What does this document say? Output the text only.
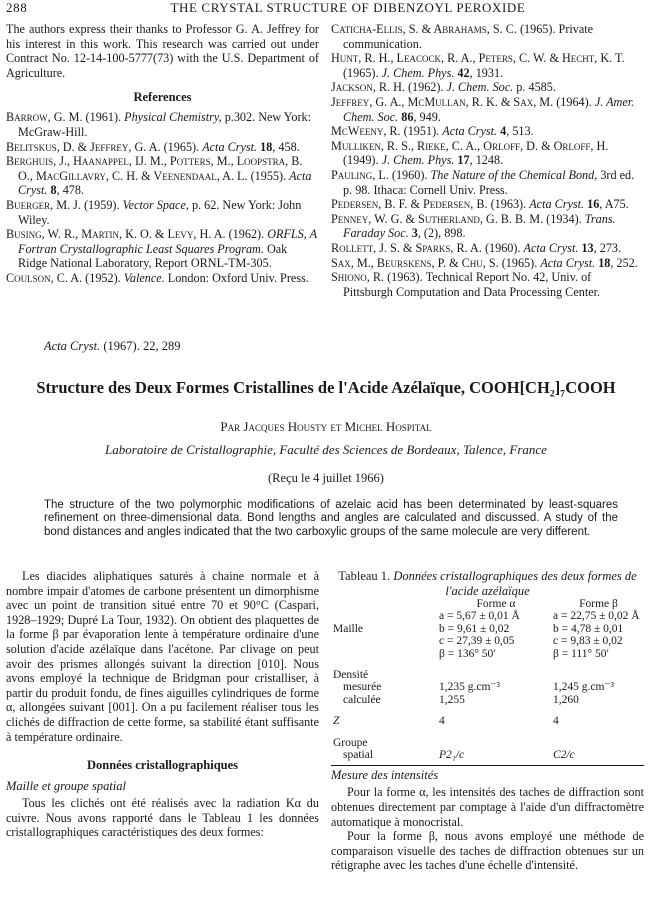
288	THE CRYSTAL STRUCTURE OF DIBENZOYL PEROXIDE

The authors express their thanks to Professor G. A. Jeffrey for his interest in this work. This research was carried out under Contract No. 12-14-100-5777(73) with the U.S. Department of Agriculture.

References

Barrow, G. M. (1961). Physical Chemistry, p.302. New York: McGraw-Hill.

Belitskus, D. & Jeffrey, G. A. (1965). Acta Cryst. 18, 458.

Berghuis, J., Haanappel, IJ. M., Potters, M., Loopstra, B. O., MacGillavry, C. H. & Veenendaal, A. L. (1955). Acta Cryst. 8, 478.

Buerger, M. J. (1959). Vector Space, p. 62. New York: John Wiley.

Busing, W. R., Martin, K. O. & Levy, H. A. (1962). ORFLS, A Fortran Crystallographic Least Squares Program. Oak Ridge National Laboratory, Report ORNL-TM-305.

Coulson, C. A. (1952). Valence. London: Oxford Univ. Press.

Caticha-Ellis, S. & Abrahams, S. C. (1965). Private communication.

Hunt, R. H., Leacock, R. A., Peters, C. W. & Hecht, K. T. (1965). J. Chem. Phys. 42, 1931.

Jackson, R. H. (1962). J. Chem. Soc. p. 4585.

Jeffrey, G. A., McMullan, R. K. & Sax, M. (1964). J. Amer. Chem. Soc. 86, 949.

McWeeny, R. (1951). Acta Cryst. 4, 513.

Mulliken, R. S., Rieke, C. A., Orloff, D. & Orloff, H. (1949). J. Chem. Phys. 17, 1248.

Pauling, L. (1960). The Nature of the Chemical Bond, 3rd ed. p. 98. Ithaca: Cornell Univ. Press.

Pedersen, B. F. & Pedersen, B. (1963). Acta Cryst. 16, A75.

Penney, W. G. & Sutherland, G. B. B. M. (1934). Trans. Faraday Soc. 3, (2), 898.

Rollett, J. S. & Sparks, R. A. (1960). Acta Cryst. 13, 273.

Sax, M., Beurskens, P. & Chu, S. (1965). Acta Cryst. 18, 252.

Shiono, R. (1963). Technical Report No. 42, Univ. of Pittsburgh Computation and Data Processing Center.

Acta Cryst. (1967). 22, 289
Structure des Deux Formes Cristallines de l'Acide Azélaïque, COOH[CH₂]₇COOH
Par Jacques Housty et Michel Hospital
Laboratoire de Cristallographie, Faculté des Sciences de Bordeaux, Talence, France
(Reçu le 4 juillet 1966)
The structure of the two polymorphic modifications of azelaic acid has been determinated by least-squares refinement on three-dimensional data. Bond lengths and angles are calculated and discussed. A study of the bond distances and angles indicated that the two carboxylic groups of the same molecule are very different.

Les diacides aliphatiques saturés à chaine normale et à nombre impair d'atomes de carbone présentent un dimorphisme avec un point de transition situé entre 70 et 90°C (Caspari, 1928–1929; Dupré La Tour, 1932). On obtient des plaquettes de la forme β par évaporation lente à température ordinaire d'une solution d'acide azélaïque dans l'acétone. Par clivage on peut avoir des prismes allongés suivant la direction [010]. Nous avons employé la technique de Bridgman pour cristalliser, à partir du produit fondu, de fines aiguilles cylindriques de forme α, allongées suivant [001]. On a pu facilement réaliser tous les clichés de diffraction de cette forme, sa stabilité étant suffisante à température ordinaire.

Données cristallographiques
Maille et groupe spatial

Tous les clichés ont été réalisés avec la radiation Kα du cuivre. Nous avons rapporté dans le Tableau 1 les données cristallographiques caractéristiques des deux formes:

Tableau 1. Données cristallographiques des deux formes de l'acide azélaïque
	Forme α	Forme β
	a = 5,67 ± 0,01 Å	a = 22,75 ± 0,02 Å
Maille	b = 9,61 ± 0,02	b = 4,78 ± 0,01
	c = 27,39 ± 0,05	c = 9,83 ± 0,02
	β = 136° 50′	β = 111° 50′

Densité		
mesurée	1,235 g.cm⁻³	1,245 g.cm⁻³
calculée	1,255	1,260

Z	4	4

Groupe		
spatial	P2₁/c	C2/c
Mesure des intensités

Pour la forme α, les intensités des taches de diffraction sont obtenues directement par comptage à l'aide d'un diffractomètre automatique à monocristal.

Pour la forme β, nous avons employé une méthode de comparaison visuelle des taches de diffraction obtenues sur un rétigraphe avec les taches d'une échelle d'intensité.
